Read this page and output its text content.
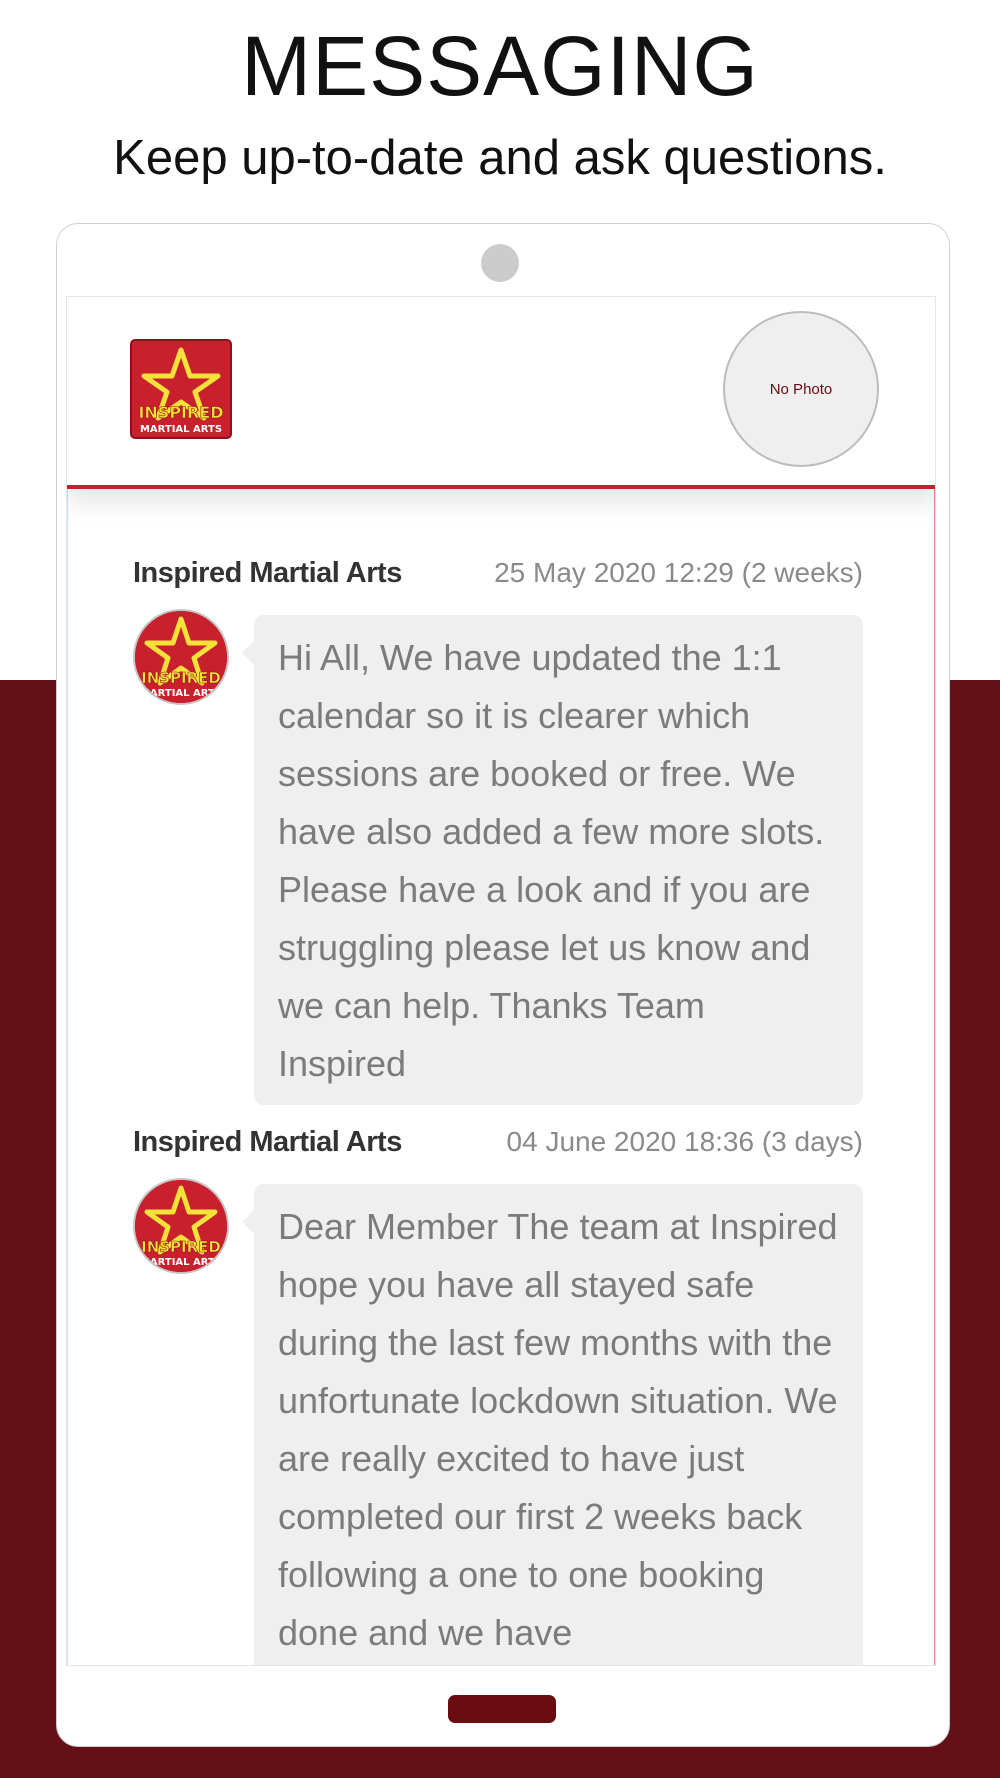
MESSAGING
Keep up-to-date and ask questions.
INSPIRED
MARTIAL ARTS
No Photo
Inspired Martial Arts	25 May 2020 12:29 (2 weeks)
INSPIRED
MARTIAL ARTS
Hi All, We have updated the 1:1 calendar so it is clearer which sessions are booked or free. We have also added a few more slots. Please have a look and if you are struggling please let us know and we can help. Thanks Team Inspired
Inspired Martial Arts	04 June 2020 18:36 (3 days)
INSPIRED
MARTIAL ARTS
Dear Member The team at Inspired hope you have all stayed safe during the last few months with the unfortunate lockdown situation. We are really excited to have just completed our first 2 weeks back following a one to one booking done and we have
